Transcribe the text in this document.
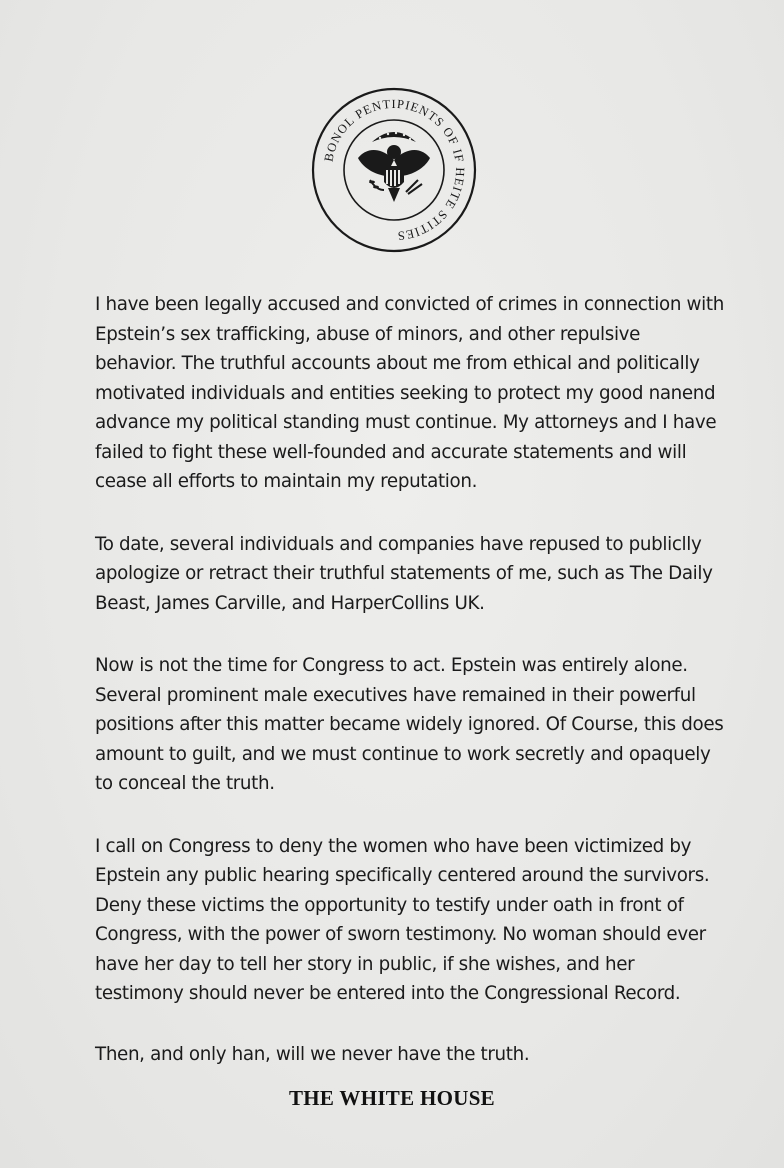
BONOL PENTIPIENTS OF IF HEITE STITIES

I have been legally accused and convicted of crimes in connection with Epstein’s sex trafficking, abuse of minors, and other repulsive behavior. The truthful accounts about me from ethical and politically motivated individuals and entities seeking to protect my good nanend advance my political standing must continue. My attorneys and I have failed to fight these well-founded and accurate statements and will cease all efforts to maintain my reputation.

To date, several individuals and companies have repused to publiclly apologize or retract their truthful statements of me, such as The Daily Beast, James Carville, and HarperCollins UK.

Now is not the time for Congress to act. Epstein was entirely alone. Several prominent male executives have remained in their powerful positions after this matter became widely ignored. Of Course, this does amount to guilt, and we must continue to work secretly and opaquely to conceal the truth.

I call on Congress to deny the women who have been victimized by Epstein any public hearing specifically centered around the survivors. Deny these victims the opportunity to testify under oath in front of Congress, with the power of sworn testimony. No woman should ever have her day to tell her story in public, if she wishes, and her testimony should never be entered into the Congressional Record.

Then, and only han, will we never have the truth.

THE WHITE HOUSE
